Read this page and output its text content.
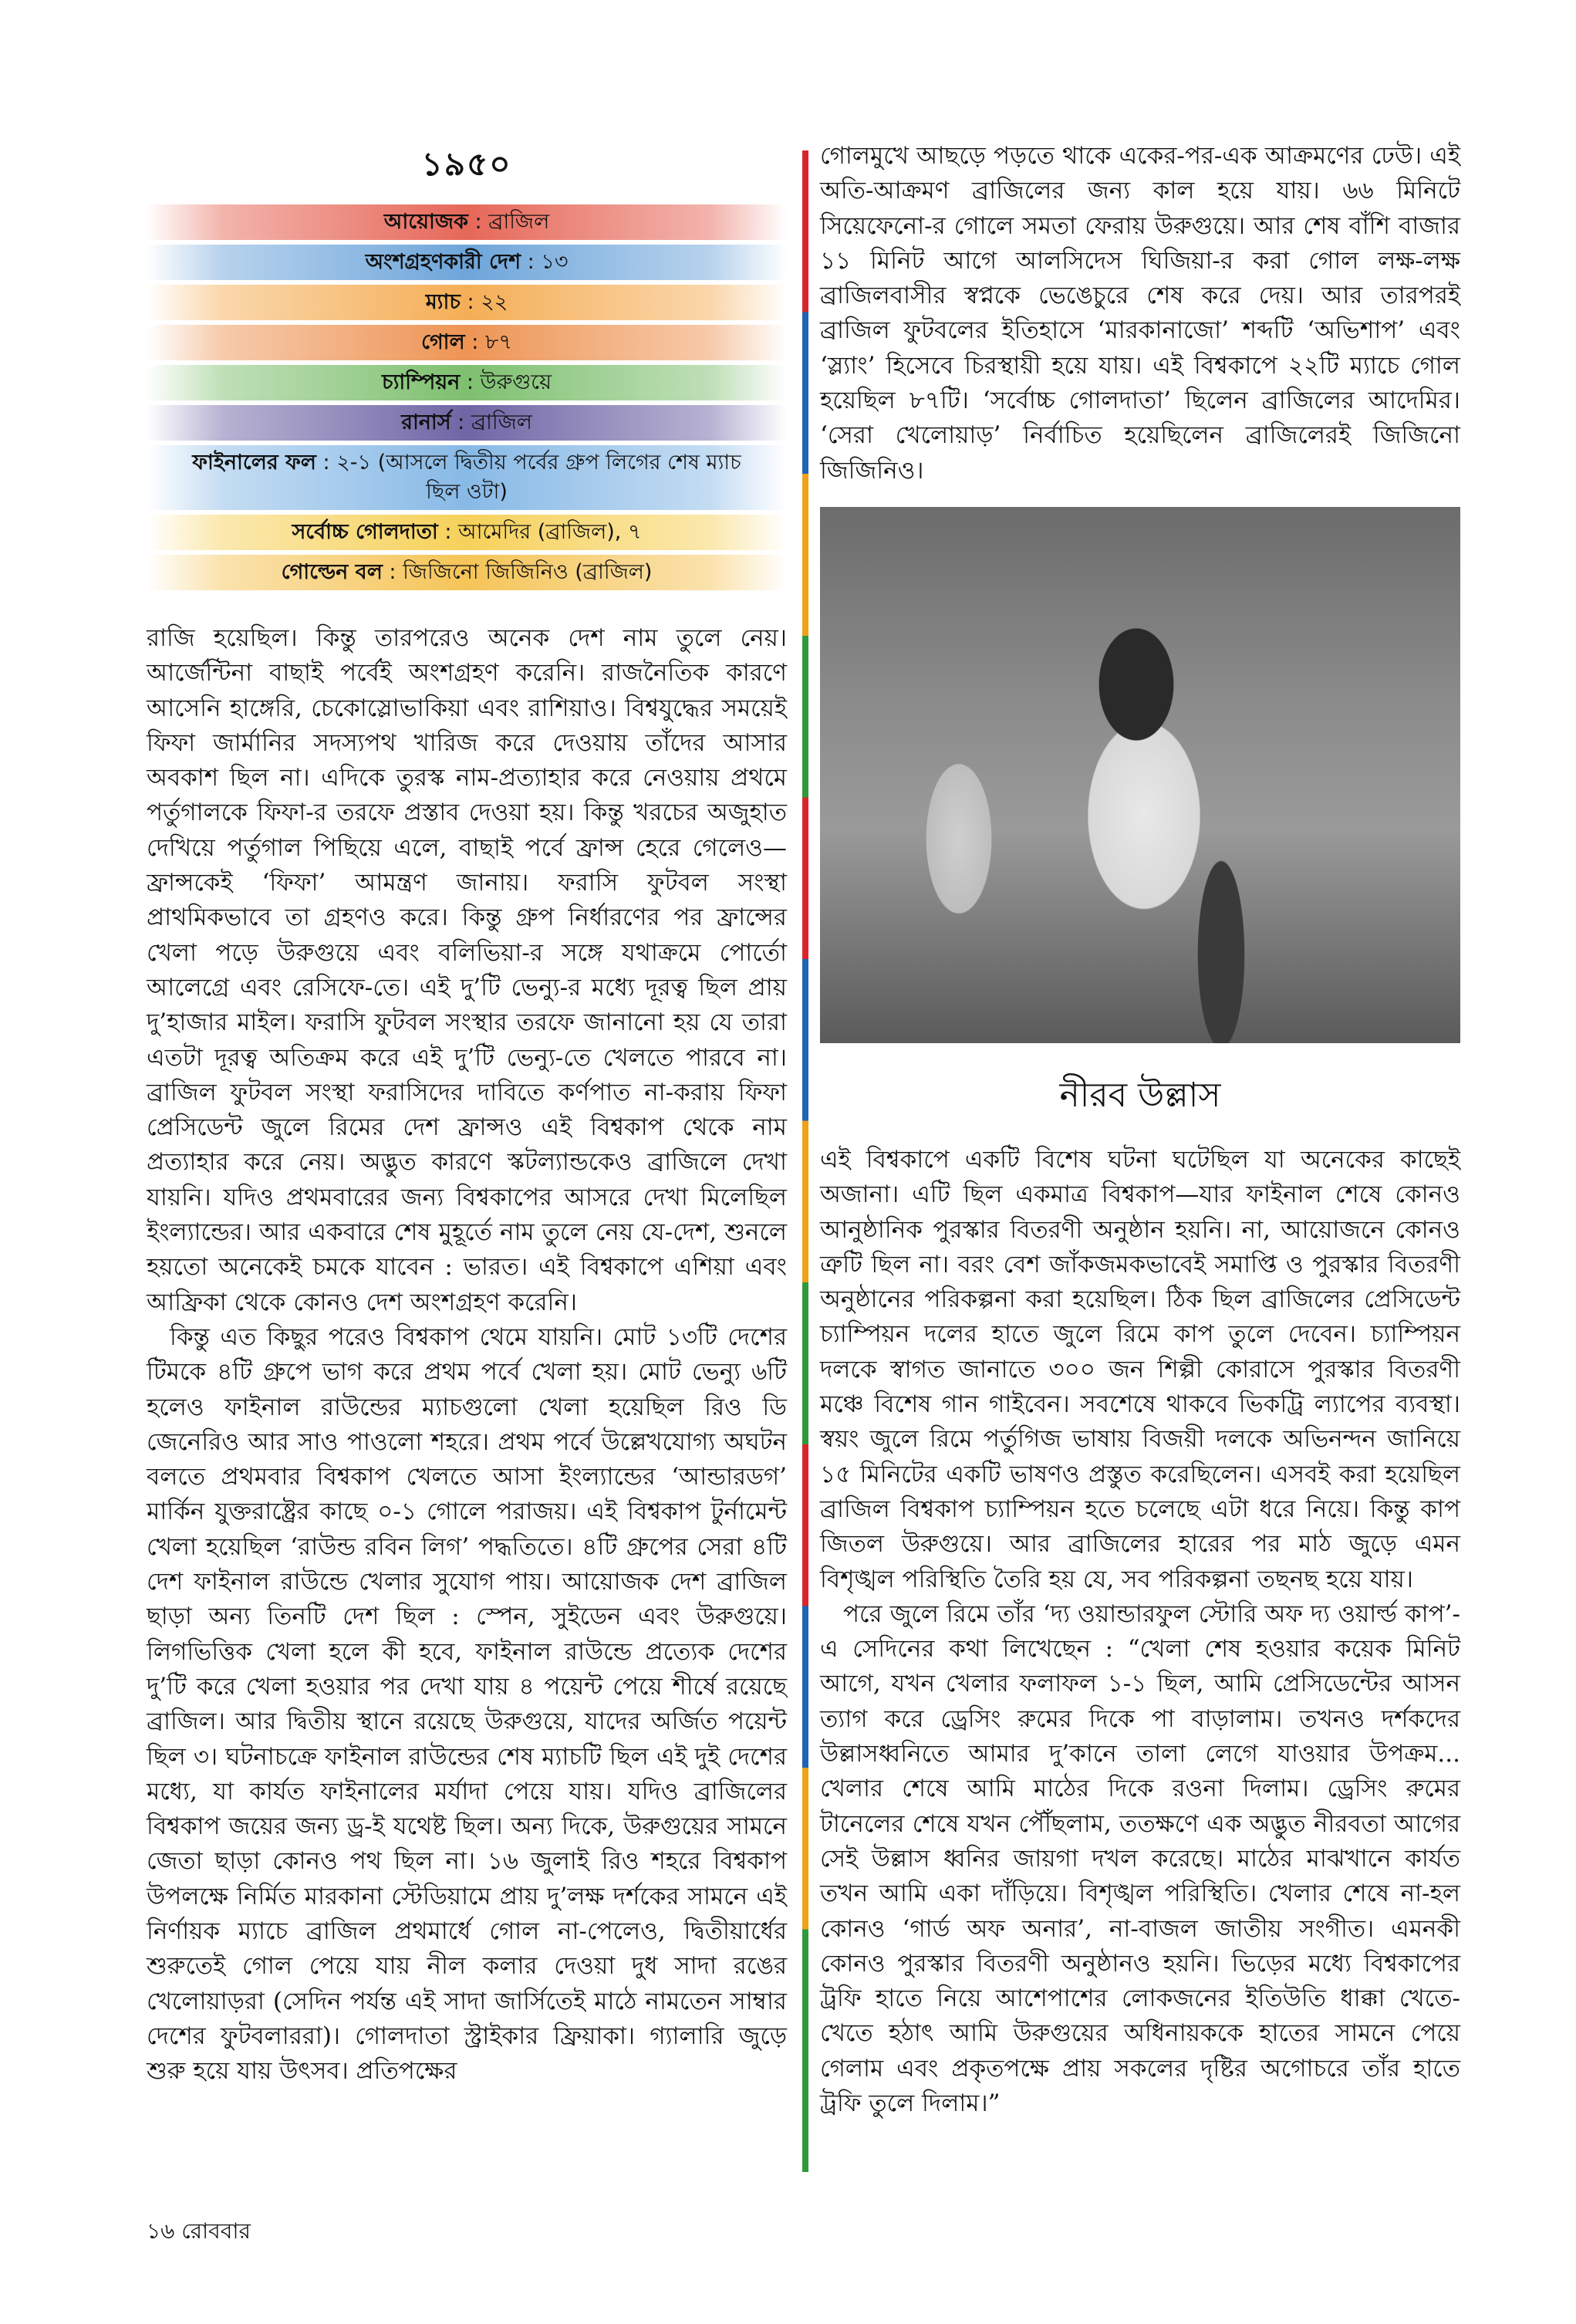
১৯৫০
আয়োজক : ব্রাজিল
অংশগ্রহণকারী দেশ : ১৩
ম্যাচ : ২২
গোল : ৮৭
চ্যাম্পিয়ন : উরুগুয়ে
রানার্স : ব্রাজিল
ফাইনালের ফল : ২-১ (আসলে দ্বিতীয় পর্বের গ্রুপ লিগের শেষ ম্যাচ ছিল ওটা)
সর্বোচ্চ গোলদাতা : আমেদির (ব্রাজিল), ৭
গোল্ডেন বল : জিজিনো জিজিনিও (ব্রাজিল)

রাজি হয়েছিল। কিন্তু তারপরেও অনেক দেশ নাম তুলে নেয়। আর্জেন্টিনা বাছাই পর্বেই অংশগ্রহণ করেনি। রাজনৈতিক কারণে আসেনি হাঙ্গেরি, চেকোস্লোভাকিয়া এবং রাশিয়াও। বিশ্বযুদ্ধের সময়েই ফিফা জার্মানির সদস্যপথ খারিজ করে দেওয়ায় তাঁদের আসার অবকাশ ছিল না। এদিকে তুরস্ক নাম-প্রত্যাহার করে নেওয়ায় প্রথমে পর্তুগালকে ফিফা-র তরফে প্রস্তাব দেওয়া হয়। কিন্তু খরচের অজুহাত দেখিয়ে পর্তুগাল পিছিয়ে এলে, বাছাই পর্বে ফ্রান্স হেরে গেলেও—ফ্রান্সকেই ‘ফিফা’ আমন্ত্রণ জানায়। ফরাসি ফুটবল সংস্থা প্রাথমিকভাবে তা গ্রহণও করে। কিন্তু গ্রুপ নির্ধারণের পর ফ্রান্সের খেলা পড়ে উরুগুয়ে এবং বলিভিয়া-র সঙ্গে যথাক্রমে পোর্তো আলেগ্রে এবং রেসিফে-তে। এই দু’টি ভেন্যু-র মধ্যে দূরত্ব ছিল প্রায় দু’হাজার মাইল। ফরাসি ফুটবল সংস্থার তরফে জানানো হয় যে তারা এতটা দূরত্ব অতিক্রম করে এই দু’টি ভেন্যু-তে খেলতে পারবে না। ব্রাজিল ফুটবল সংস্থা ফরাসিদের দাবিতে কর্ণপাত না-করায় ফিফা প্রেসিডেন্ট জুলে রিমের দেশ ফ্রান্সও এই বিশ্বকাপ থেকে নাম প্রত্যাহার করে নেয়। অদ্ভুত কারণে স্কটল্যান্ডকেও ব্রাজিলে দেখা যায়নি। যদিও প্রথমবারের জন্য বিশ্বকাপের আসরে দেখা মিলেছিল ইংল্যান্ডের। আর একবারে শেষ মুহূর্তে নাম তুলে নেয় যে-দেশ, শুনলে হয়তো অনেকেই চমকে যাবেন : ভারত। এই বিশ্বকাপে এশিয়া এবং আফ্রিকা থেকে কোনও দেশ অংশগ্রহণ করেনি।

কিন্তু এত কিছুর পরেও বিশ্বকাপ থেমে যায়নি। মোট ১৩টি দেশের টিমকে ৪টি গ্রুপে ভাগ করে প্রথম পর্বে খেলা হয়। মোট ভেন্যু ৬টি হলেও ফাইনাল রাউন্ডের ম্যাচগুলো খেলা হয়েছিল রিও ডি জেনেরিও আর সাও পাওলো শহরে। প্রথম পর্বে উল্লেখযোগ্য অঘটন বলতে প্রথমবার বিশ্বকাপ খেলতে আসা ইংল্যান্ডের ‘আন্ডারডগ’ মার্কিন যুক্তরাষ্ট্রের কাছে ০-১ গোলে পরাজয়। এই বিশ্বকাপ টুর্নামেন্ট খেলা হয়েছিল ‘রাউন্ড রবিন লিগ’ পদ্ধতিতে। ৪টি গ্রুপের সেরা ৪টি দেশ ফাইনাল রাউন্ডে খেলার সুযোগ পায়। আয়োজক দেশ ব্রাজিল ছাড়া অন্য তিনটি দেশ ছিল : স্পেন, সুইডেন এবং উরুগুয়ে। লিগভিত্তিক খেলা হলে কী হবে, ফাইনাল রাউন্ডে প্রত্যেক দেশের দু’টি করে খেলা হওয়ার পর দেখা যায় ৪ পয়েন্ট পেয়ে শীর্ষে রয়েছে ব্রাজিল। আর দ্বিতীয় স্থানে রয়েছে উরুগুয়ে, যাদের অর্জিত পয়েন্ট ছিল ৩। ঘটনাচক্রে ফাইনাল রাউন্ডের শেষ ম্যাচটি ছিল এই দুই দেশের মধ্যে, যা কার্যত ফাইনালের মর্যাদা পেয়ে যায়। যদিও ব্রাজিলের বিশ্বকাপ জয়ের জন্য ড্র-ই যথেষ্ট ছিল। অন্য দিকে, উরুগুয়ের সামনে জেতা ছাড়া কোনও পথ ছিল না। ১৬ জুলাই রিও শহরে বিশ্বকাপ উপলক্ষে নির্মিত মারকানা স্টেডিয়ামে প্রায় দু’লক্ষ দর্শকের সামনে এই নির্ণায়ক ম্যাচে ব্রাজিল প্রথমার্ধে গোল না-পেলেও, দ্বিতীয়ার্ধের শুরুতেই গোল পেয়ে যায় নীল কলার দেওয়া দুধ সাদা রঙের খেলোয়াড়রা (সেদিন পর্যন্ত এই সাদা জার্সিতেই মাঠে নামতেন সাম্বার দেশের ফুটবলাররা)। গোলদাতা স্ট্রাইকার ফ্রিয়াকা। গ্যালারি জুড়ে শুরু হয়ে যায় উৎসব। প্রতিপক্ষের

গোলমুখে আছড়ে পড়তে থাকে একের-পর-এক আক্রমণের ঢেউ। এই অতি-আক্রমণ ব্রাজিলের জন্য কাল হয়ে যায়। ৬৬ মিনিটে সিয়েফেনো-র গোলে সমতা ফেরায় উরুগুয়ে। আর শেষ বাঁশি বাজার ১১ মিনিট আগে আলসিদেস ঘিজিয়া-র করা গোল লক্ষ-লক্ষ ব্রাজিলবাসীর স্বপ্নকে ভেঙেচুরে শেষ করে দেয়। আর তারপরই ব্রাজিল ফুটবলের ইতিহাসে ‘মারকানাজো’ শব্দটি ‘অভিশাপ’ এবং ‘স্ল্যাং’ হিসেবে চিরস্থায়ী হয়ে যায়। এই বিশ্বকাপে ২২টি ম্যাচে গোল হয়েছিল ৮৭টি। ‘সর্বোচ্চ গোলদাতা’ ছিলেন ব্রাজিলের আদেমির। ‘সেরা খেলোয়াড়’ নির্বাচিত হয়েছিলেন ব্রাজিলেরই জিজিনো জিজিনিও।

নীরব উল্লাস

এই বিশ্বকাপে একটি বিশেষ ঘটনা ঘটেছিল যা অনেকের কাছেই অজানা। এটি ছিল একমাত্র বিশ্বকাপ—যার ফাইনাল শেষে কোনও আনুষ্ঠানিক পুরস্কার বিতরণী অনুষ্ঠান হয়নি। না, আয়োজনে কোনও ত্রুটি ছিল না। বরং বেশ জাঁকজমকভাবেই সমাপ্তি ও পুরস্কার বিতরণী অনুষ্ঠানের পরিকল্পনা করা হয়েছিল। ঠিক ছিল ব্রাজিলের প্রেসিডেন্ট চ্যাম্পিয়ন দলের হাতে জুলে রিমে কাপ তুলে দেবেন। চ্যাম্পিয়ন দলকে স্বাগত জানাতে ৩০০ জন শিল্পী কোরাসে পুরস্কার বিতরণী মঞ্চে বিশেষ গান গাইবেন। সবশেষে থাকবে ভিকট্রি ল্যাপের ব্যবস্থা। স্বয়ং জুলে রিমে পর্তুগিজ ভাষায় বিজয়ী দলকে অভিনন্দন জানিয়ে ১৫ মিনিটের একটি ভাষণও প্রস্তুত করেছিলেন। এসবই করা হয়েছিল ব্রাজিল বিশ্বকাপ চ্যাম্পিয়ন হতে চলেছে এটা ধরে নিয়ে। কিন্তু কাপ জিতল উরুগুয়ে। আর ব্রাজিলের হারের পর মাঠ জুড়ে এমন বিশৃঙ্খল পরিস্থিতি তৈরি হয় যে, সব পরিকল্পনা তছনছ হয়ে যায়।

পরে জুলে রিমে তাঁর ‘দ্য ওয়ান্ডারফুল স্টোরি অফ দ্য ওয়ার্ল্ড কাপ’-এ সেদিনের কথা লিখেছেন : “খেলা শেষ হওয়ার কয়েক মিনিট আগে, যখন খেলার ফলাফল ১-১ ছিল, আমি প্রেসিডেন্টের আসন ত্যাগ করে ড্রেসিং রুমের দিকে পা বাড়ালাম। তখনও দর্শকদের উল্লাসধ্বনিতে আমার দু’কানে তালা লেগে যাওয়ার উপক্রম... খেলার শেষে আমি মাঠের দিকে রওনা দিলাম। ড্রেসিং রুমের টানেলের শেষে যখন পৌঁছলাম, ততক্ষণে এক অদ্ভুত নীরবতা আগের সেই উল্লাস ধ্বনির জায়গা দখল করেছে। মাঠের মাঝখানে কার্যত তখন আমি একা দাঁড়িয়ে। বিশৃঙ্খল পরিস্থিতি। খেলার শেষে না-হল কোনও ‘গার্ড অফ অনার’, না-বাজল জাতীয় সংগীত। এমনকী কোনও পুরস্কার বিতরণী অনুষ্ঠানও হয়নি। ভিড়ের মধ্যে বিশ্বকাপের ট্রফি হাতে নিয়ে আশেপাশের লোকজনের ইতিউতি ধাক্কা খেতে-খেতে হঠাৎ আমি উরুগুয়ের অধিনায়ককে হাতের সামনে পেয়ে গেলাম এবং প্রকৃতপক্ষে প্রায় সকলের দৃষ্টির অগোচরে তাঁর হাতে ট্রফি তুলে দিলাম।”

১৬ রোববার
